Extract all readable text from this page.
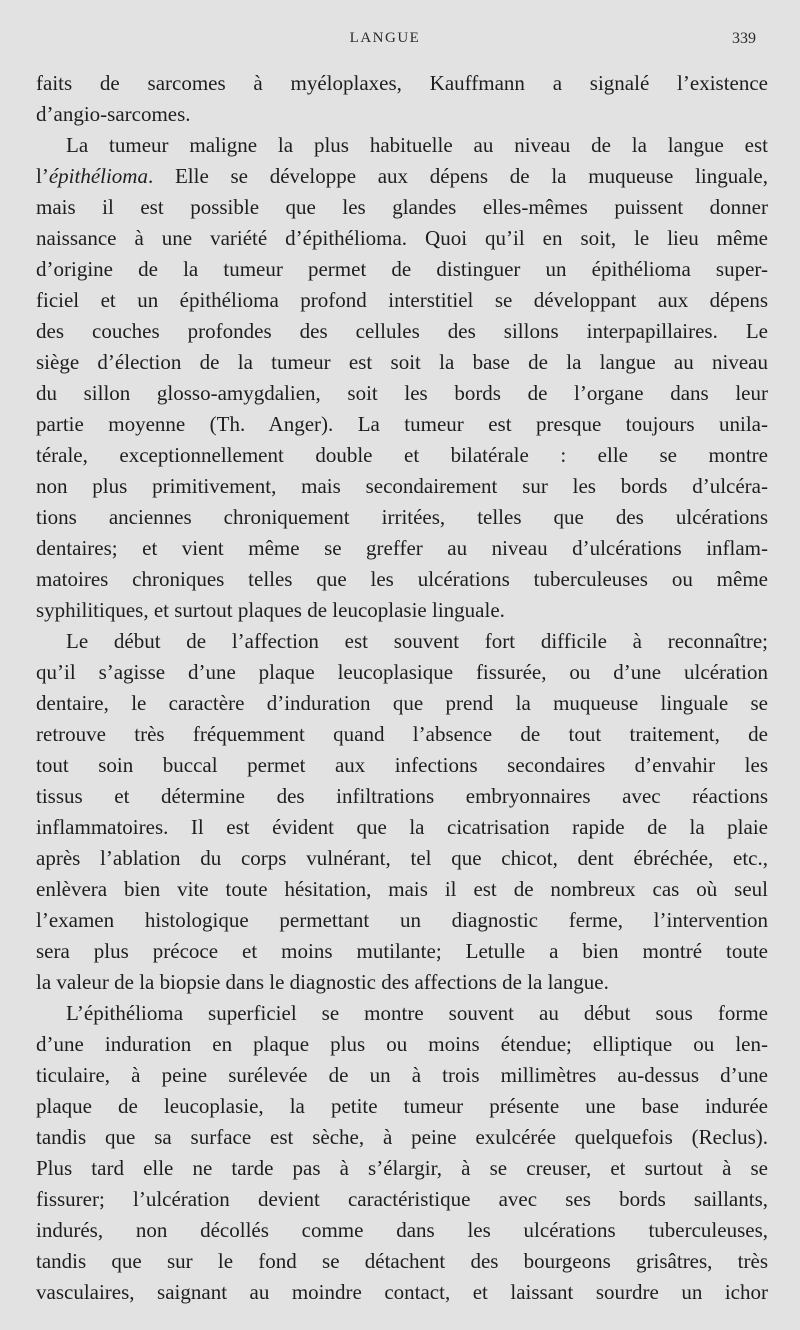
LANGUE	339
faits de sarcomes à myéloplaxes, Kauffmann a signalé l’existence
d’angio-sarcomes.
La tumeur maligne la plus habituelle au niveau de la langue est
l’épithélioma. Elle se développe aux dépens de la muqueuse linguale,
mais il est possible que les glandes elles-mêmes puissent donner
naissance à une variété d’épithélioma. Quoi qu’il en soit, le lieu même
d’origine de la tumeur permet de distinguer un épithélioma super-
ficiel et un épithélioma profond interstitiel se développant aux dépens
des couches profondes des cellules des sillons interpapillaires. Le
siège d’élection de la tumeur est soit la base de la langue au niveau
du sillon glosso-amygdalien, soit les bords de l’organe dans leur
partie moyenne (Th. Anger). La tumeur est presque toujours unila-
térale, exceptionnellement double et bilatérale : elle se montre
non plus primitivement, mais secondairement sur les bords d’ulcéra-
tions anciennes chroniquement irritées, telles que des ulcérations
dentaires; et vient même se greffer au niveau d’ulcérations inflam-
matoires chroniques telles que les ulcérations tuberculeuses ou même
syphilitiques, et surtout plaques de leucoplasie linguale.
Le début de l’affection est souvent fort difficile à reconnaître;
qu’il s’agisse d’une plaque leucoplasique fissurée, ou d’une ulcération
dentaire, le caractère d’induration que prend la muqueuse linguale se
retrouve très fréquemment quand l’absence de tout traitement, de
tout soin buccal permet aux infections secondaires d’envahir les
tissus et détermine des infiltrations embryonnaires avec réactions
inflammatoires. Il est évident que la cicatrisation rapide de la plaie
après l’ablation du corps vulnérant, tel que chicot, dent ébréchée, etc.,
enlèvera bien vite toute hésitation, mais il est de nombreux cas où seul
l’examen histologique permettant un diagnostic ferme, l’intervention
sera plus précoce et moins mutilante; Letulle a bien montré toute
la valeur de la biopsie dans le diagnostic des affections de la langue.
L’épithélioma superficiel se montre souvent au début sous forme
d’une induration en plaque plus ou moins étendue; elliptique ou len-
ticulaire, à peine surélevée de un à trois millimètres au-dessus d’une
plaque de leucoplasie, la petite tumeur présente une base indurée
tandis que sa surface est sèche, à peine exulcérée quelquefois (Reclus).
Plus tard elle ne tarde pas à s’élargir, à se creuser, et surtout à se
fissurer; l’ulcération devient caractéristique avec ses bords saillants,
indurés, non décollés comme dans les ulcérations tuberculeuses,
tandis que sur le fond se détachent des bourgeons grisâtres, très
vasculaires, saignant au moindre contact, et laissant sourdre un ichor
